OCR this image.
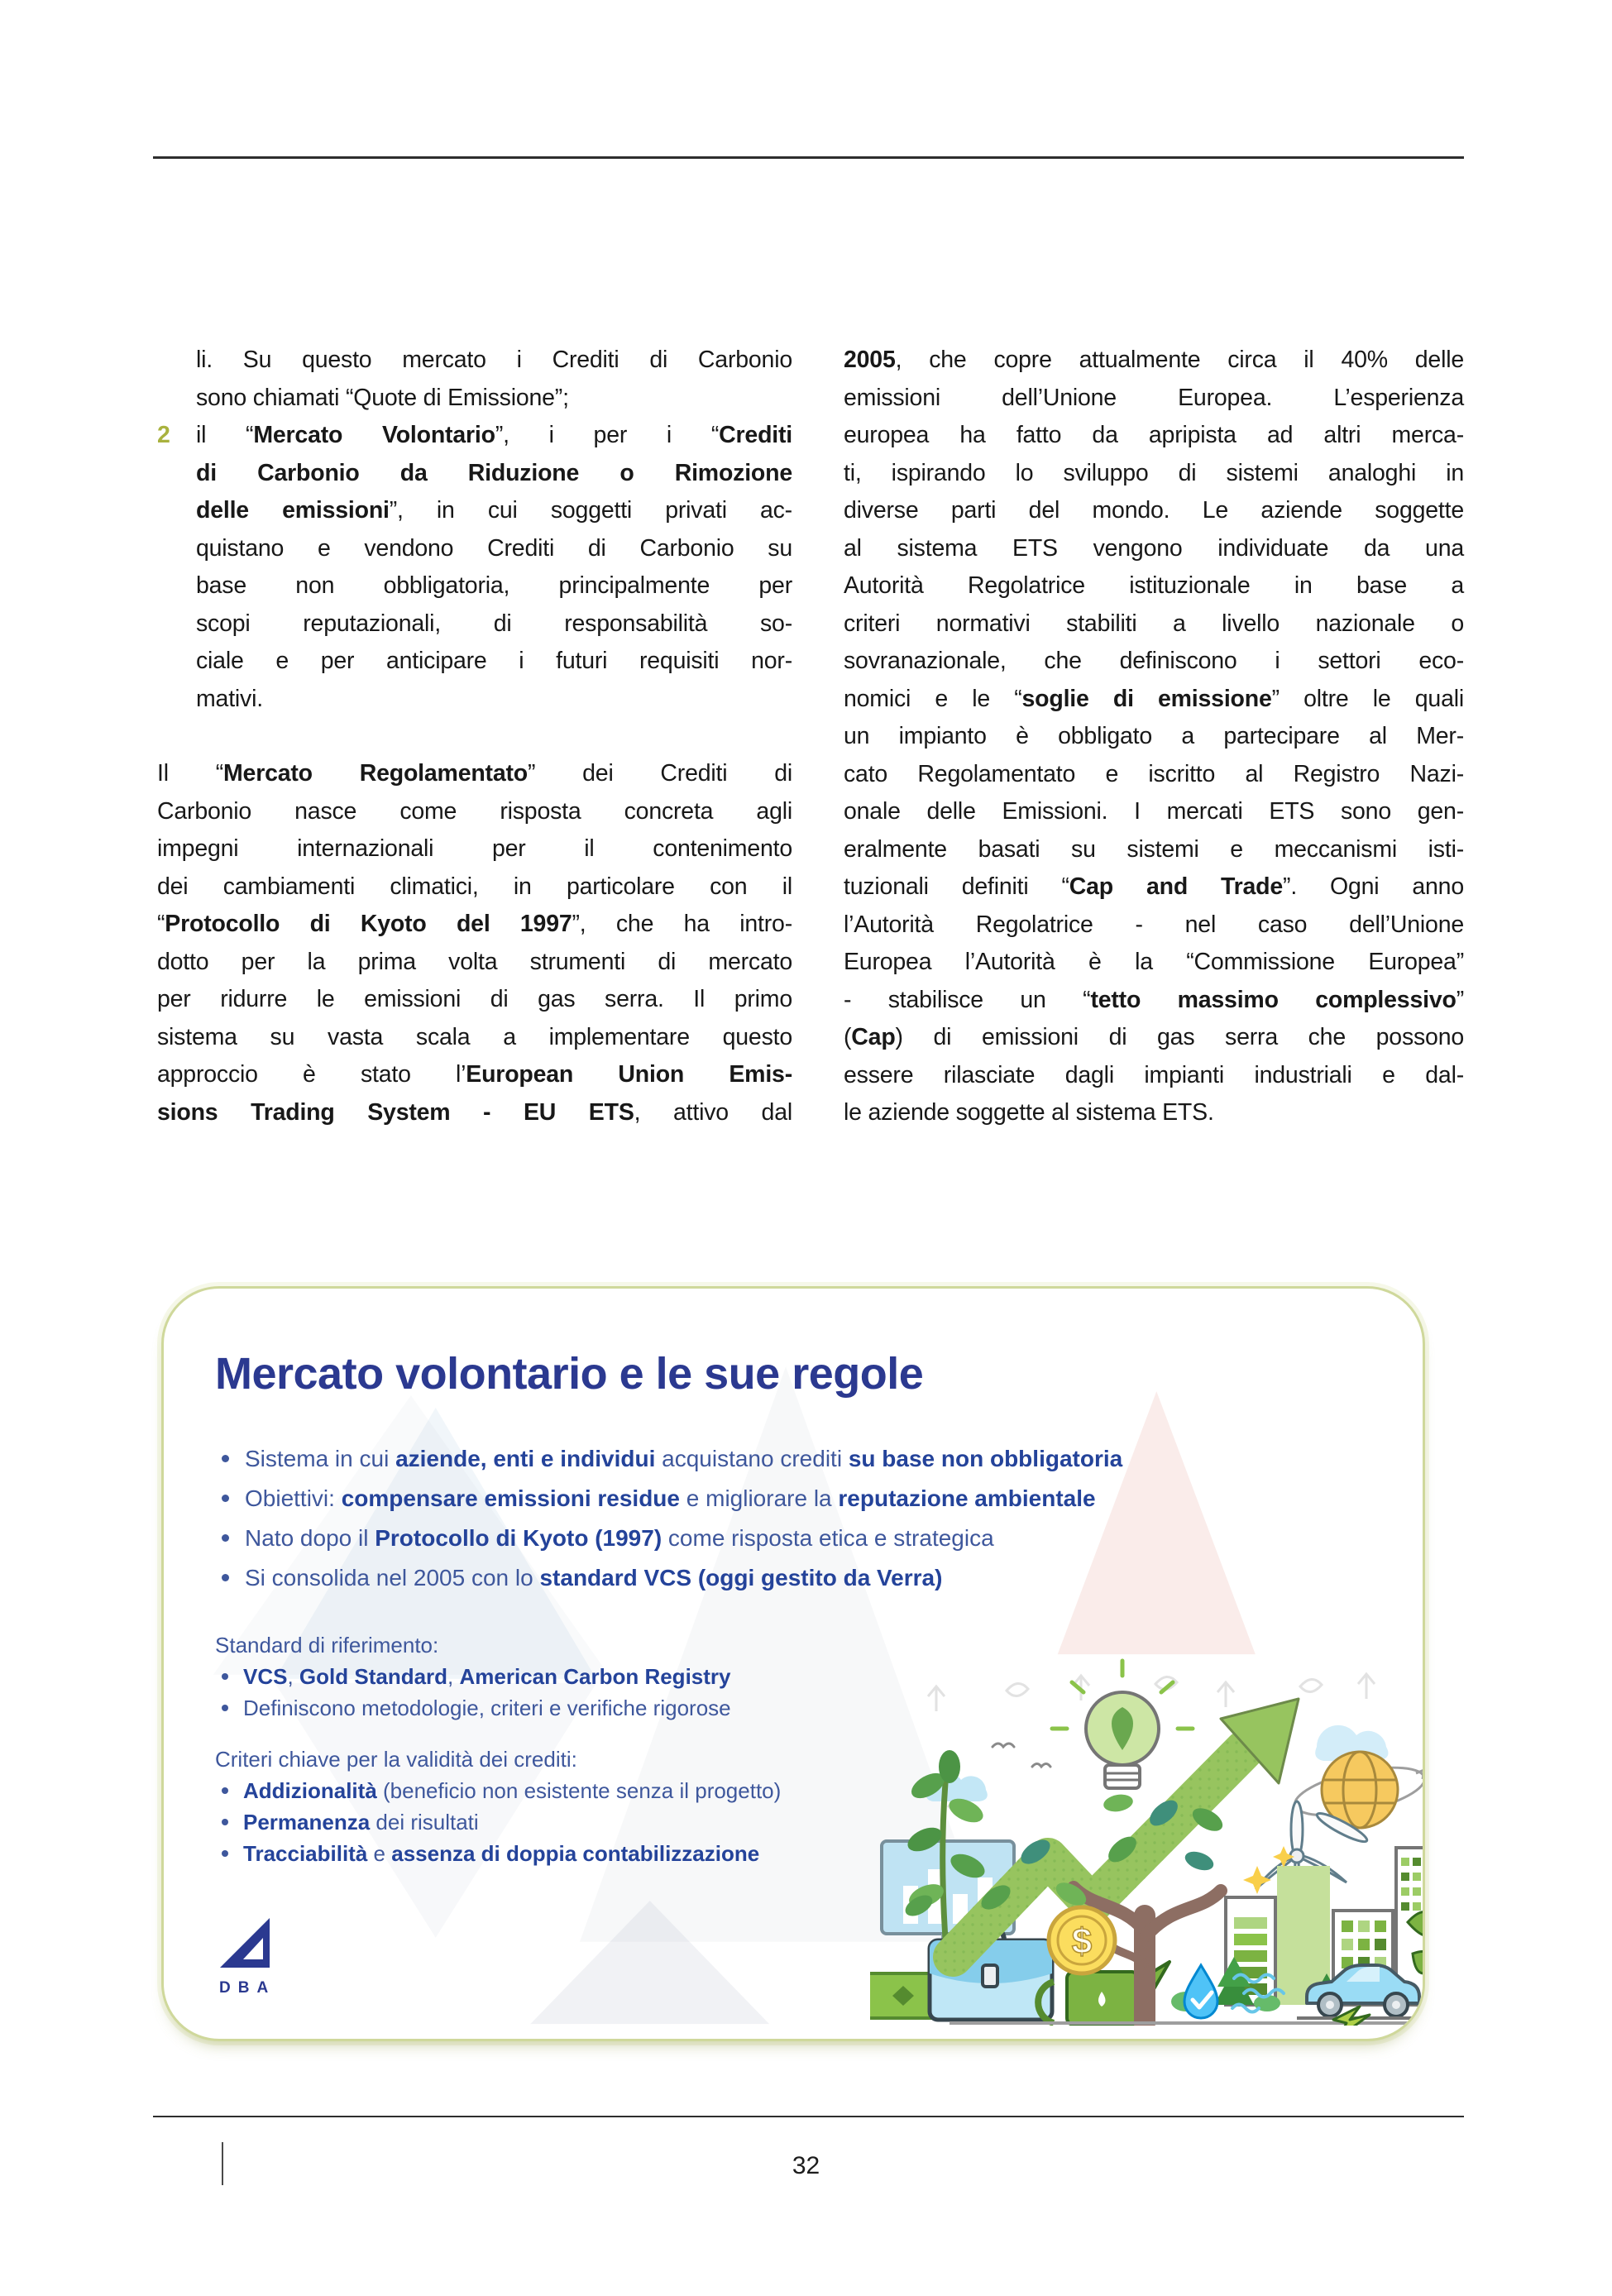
li. Su questo mercato i Crediti di Carbonio
sono chiamati “Quote di Emissione”;
2 il “Mercato Volontario”, i per i “Crediti
di Carbonio da Riduzione o Rimozione
delle emissioni”, in cui soggetti privati ac-
quistano e vendono Crediti di Carbonio su
base non obbligatoria, principalmente per
scopi reputazionali, di responsabilità so-
ciale e per anticipare i futuri requisiti nor-
mativi.
Il “Mercato Regolamentato” dei Crediti di
Carbonio nasce come risposta concreta agli
impegni internazionali per il contenimento
dei cambiamenti climatici, in particolare con il
“Protocollo di Kyoto del 1997”, che ha intro-
dotto per la prima volta strumenti di mercato
per ridurre le emissioni di gas serra. Il primo
sistema su vasta scala a implementare questo
approccio è stato l’European Union Emis-
sions Trading System - EU ETS, attivo dal
2005, che copre attualmente circa il 40% delle
emissioni dell’Unione Europea. L’esperienza
europea ha fatto da apripista ad altri merca-
ti, ispirando lo sviluppo di sistemi analoghi in
diverse parti del mondo. Le aziende soggette
al sistema ETS vengono individuate da una
Autorità Regolatrice istituzionale in base a
criteri normativi stabiliti a livello nazionale o
sovranazionale, che definiscono i settori eco-
nomici e le “soglie di emissione” oltre le quali
un impianto è obbligato a partecipare al Mer-
cato Regolamentato e iscritto al Registro Nazi-
onale delle Emissioni. I mercati ETS sono gen-
eralmente basati su sistemi e meccanismi isti-
tuzionali definiti “Cap and Trade”. Ogni anno
l’Autorità Regolatrice - nel caso dell’Unione
Europea l’Autorità è la “Commissione Europea”
- stabilisce un “tetto massimo complessivo”
(Cap) di emissioni di gas serra che possono
essere rilasciate dagli impianti industriali e dal-
le aziende soggette al sistema ETS.
Mercato volontario e le sue regole
Sistema in cui aziende, enti e individui acquistano crediti su base non obbligatoria
Obiettivi: compensare emissioni residue e migliorare la reputazione ambientale
Nato dopo il Protocollo di Kyoto (1997) come risposta etica e strategica
Si consolida nel 2005 con lo standard VCS (oggi gestito da Verra)
Standard di riferimento:
VCS, Gold Standard, American Carbon Registry
Definiscono metodologie, criteri e verifiche rigorose
Criteri chiave per la validità dei crediti:
Addizionalità (beneficio non esistente senza il progetto)
Permanenza dei risultati
Tracciabilità e assenza di doppia contabilizzazione
$
DBA
32
